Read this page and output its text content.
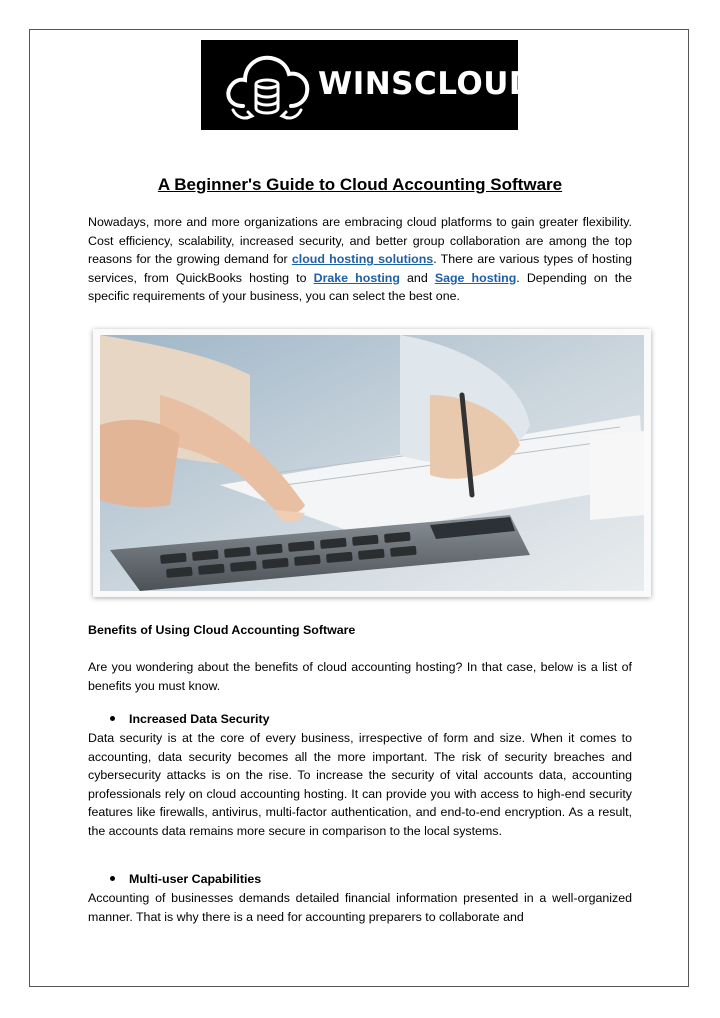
WINSCLOUD
A Beginner's Guide to Cloud Accounting Software

Nowadays, more and more organizations are embracing cloud platforms to gain greater flexibility. Cost efficiency, scalability, increased security, and better group collaboration are among the top reasons for the growing demand for cloud hosting solutions. There are various types of hosting services, from QuickBooks hosting to Drake hosting and Sage hosting. Depending on the specific requirements of your business, you can select the best one.

Benefits of Using Cloud Accounting Software

Are you wondering about the benefits of cloud accounting hosting? In that case, below is a list of benefits you must know.

Increased Data Security

Data security is at the core of every business, irrespective of form and size. When it comes to accounting, data security becomes all the more important. The risk of security breaches and cybersecurity attacks is on the rise. To increase the security of vital accounts data, accounting professionals rely on cloud accounting hosting. It can provide you with access to high-end security features like firewalls, antivirus, multi-factor authentication, and end-to-end encryption. As a result, the accounts data remains more secure in comparison to the local systems.

Multi-user Capabilities

Accounting of businesses demands detailed financial information presented in a well-organized manner. That is why there is a need for accounting preparers to collaborate and
